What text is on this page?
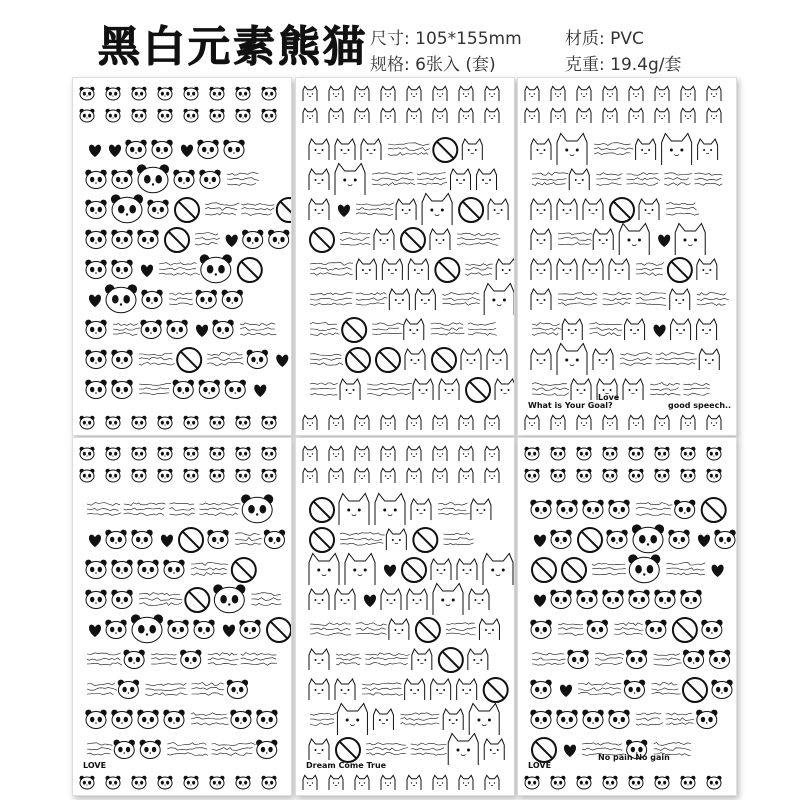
黑白元素熊猫 尺寸: 105*155mm	材质: PVC
规格: 6张入 (套)	克重: 19.4g/套
What is Your Goal?
Love
good speech..
LOVE	Dream Come True	LOVE
No pain No gain
